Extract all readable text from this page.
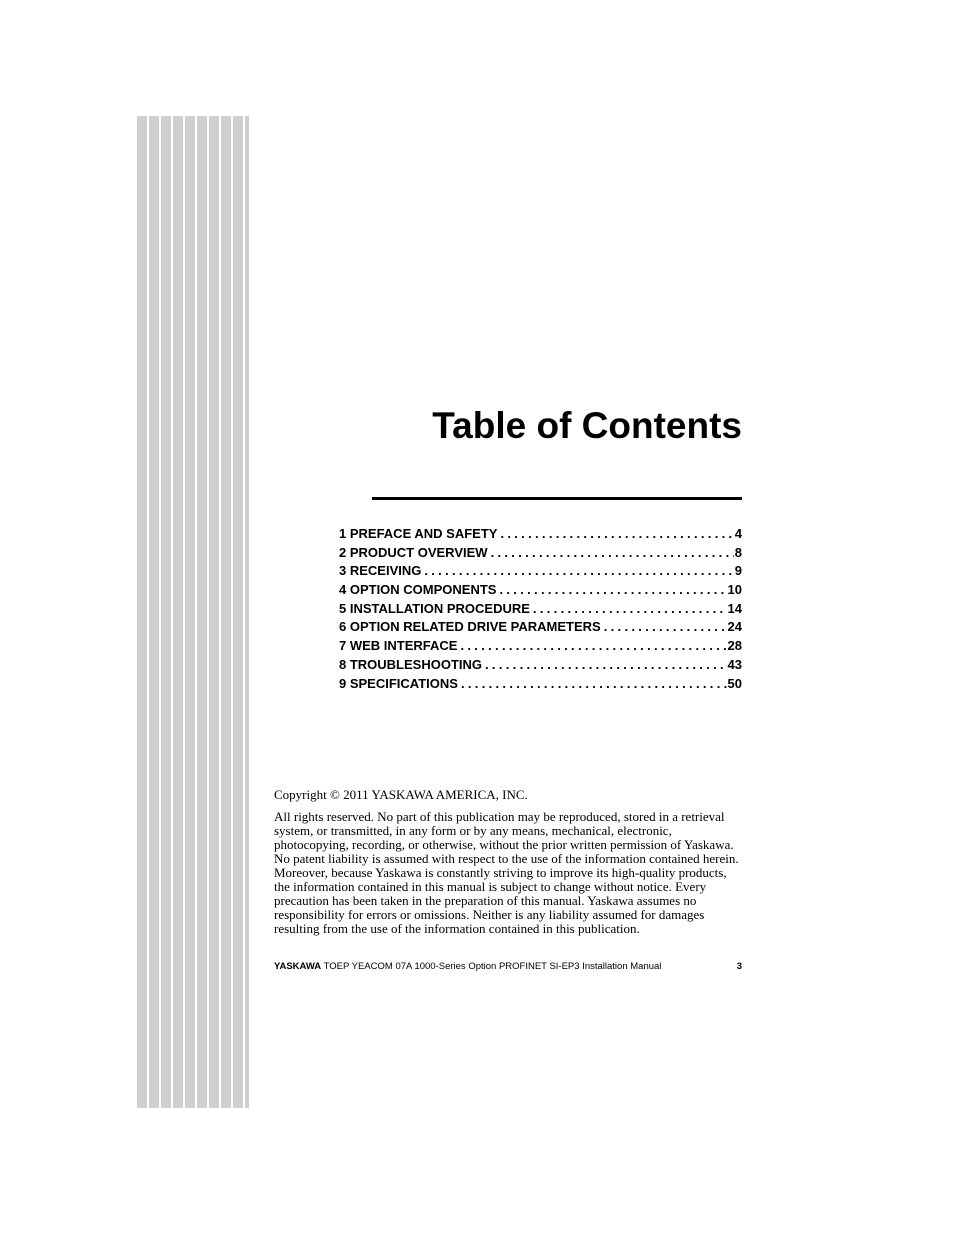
Table of Contents
1 PREFACE AND SAFETY .....	4
2 PRODUCT OVERVIEW .....	8
3 RECEIVING .....	9
4 OPTION COMPONENTS .....	10
5 INSTALLATION PROCEDURE .....	14
6 OPTION RELATED DRIVE PARAMETERS .....	24
7 WEB INTERFACE .....	28
8 TROUBLESHOOTING .....	43
9 SPECIFICATIONS .....	50

Copyright © 2011 YASKAWA AMERICA, INC.

All rights reserved. No part of this publication may be reproduced, stored in a retrieval system, or transmitted, in any form or by any means, mechanical, electronic, photocopying, recording, or otherwise, without the prior written permission of Yaskawa. No patent liability is assumed with respect to the use of the information contained herein. Moreover, because Yaskawa is constantly striving to improve its high-quality products, the information contained in this manual is subject to change without notice. Every precaution has been taken in the preparation of this manual. Yaskawa assumes no responsibility for errors or omissions. Neither is any liability assumed for damages resulting from the use of the information contained in this publication.

YASKAWA TOEP YEACOM 07A 1000-Series Option PROFINET SI-EP3 Installation Manual	3
